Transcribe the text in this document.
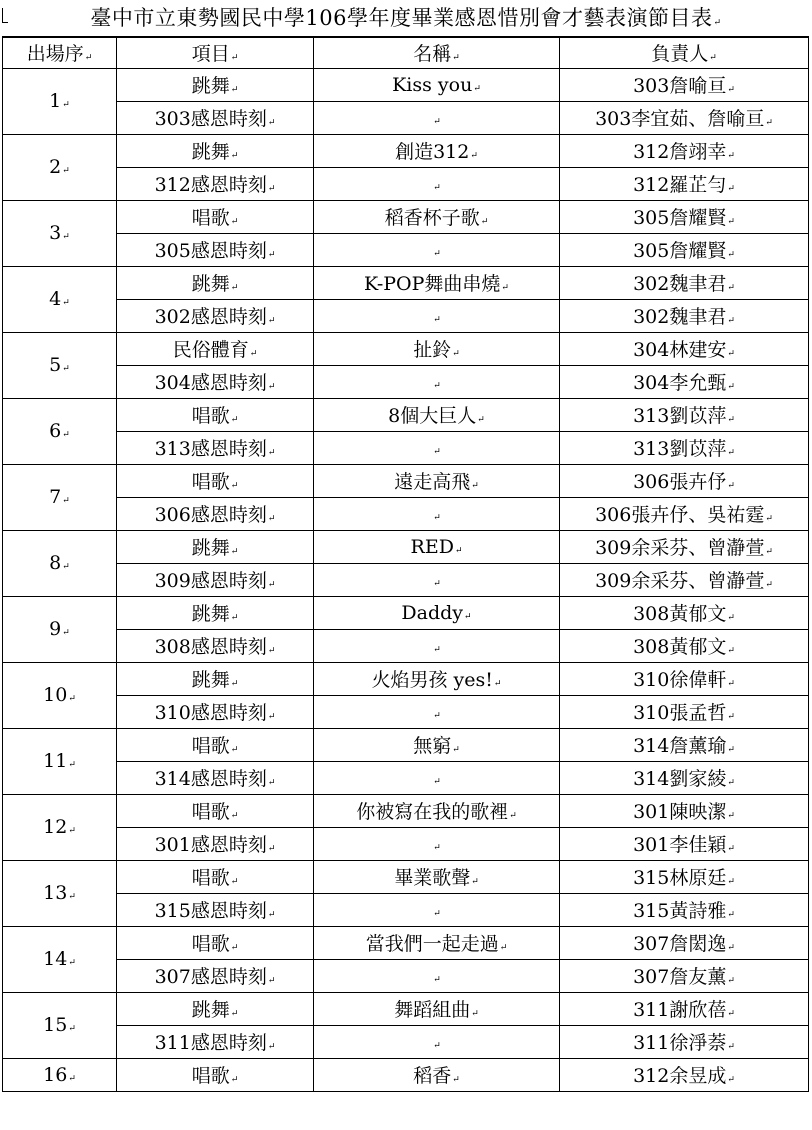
臺中市立東勢國民中學106學年度畢業感恩惜別會才藝表演節目表↵
出場序↵	項目↵	名稱↵	負責人↵
1↵	跳舞↵	Kiss you↵	303詹喻亘↵
	303感恩時刻↵	↵	303李宜茹、詹喻亘↵
2↵	跳舞↵	創造312↵	312詹翊幸↵
	312感恩時刻↵	↵	312羅芷勻↵
3↵	唱歌↵	稻香杯子歌↵	305詹耀賢↵
	305感恩時刻↵	↵	305詹耀賢↵
4↵	跳舞↵	K-POP舞曲串燒↵	302魏聿君↵
	302感恩時刻↵	↵	302魏聿君↵
5↵	民俗體育↵	扯鈴↵	304林建安↵
	304感恩時刻↵	↵	304李允甄↵
6↵	唱歌↵	8個大巨人↵	313劉苡萍↵
	313感恩時刻↵	↵	313劉苡萍↵
7↵	唱歌↵	遠走高飛↵	306張卉伃↵
	306感恩時刻↵	↵	306張卉伃、吳祐霆↵
8↵	跳舞↵	RED↵	309余采芬、曾瀞萱↵
	309感恩時刻↵	↵	309余采芬、曾瀞萱↵
9↵	跳舞↵	Daddy↵	308黃郁文↵
	308感恩時刻↵	↵	308黃郁文↵
10↵	跳舞↵	火焰男孩 yes!↵	310徐偉軒↵
	310感恩時刻↵	↵	310張孟哲↵
11↵	唱歌↵	無窮↵	314詹薰瑜↵
	314感恩時刻↵	↵	314劉家綾↵
12↵	唱歌↵	你被寫在我的歌裡↵	301陳映潔↵
	301感恩時刻↵	↵	301李佳穎↵
13↵	唱歌↵	畢業歌聲↵	315林原廷↵
	315感恩時刻↵	↵	315黃詩雅↵
14↵	唱歌↵	當我們一起走過↵	307詹閎逸↵
	307感恩時刻↵	↵	307詹友薰↵
15↵	跳舞↵	舞蹈組曲↵	311謝欣蓓↵
	311感恩時刻↵	↵	311徐淨萘↵
16↵	唱歌↵	稻香↵	312余昱成↵
